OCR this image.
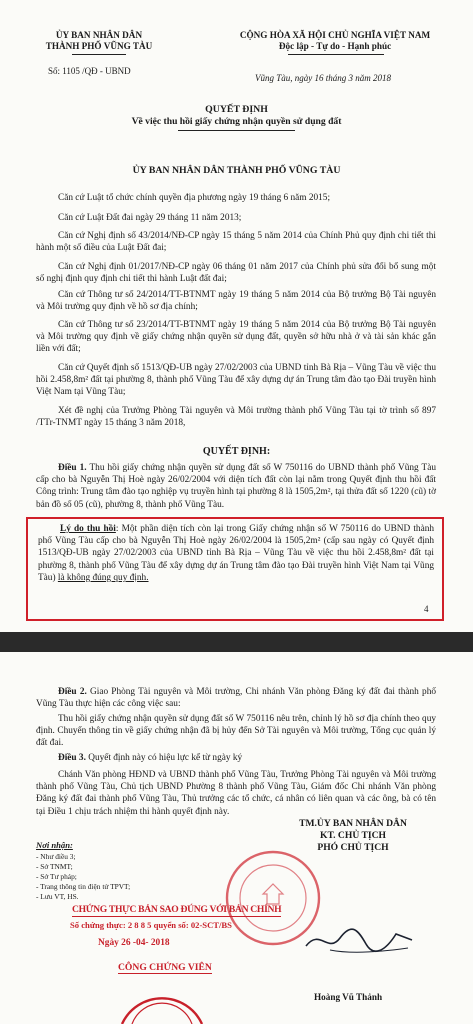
ỦY BAN NHÂN DÂN
THÀNH PHỐ VŨNG TÀU
Số: 1105 /QĐ - UBND
CỘNG HÒA XÃ HỘI CHỦ NGHĨA VIỆT NAM
Độc lập - Tự do - Hạnh phúc
Vũng Tàu, ngày 16 tháng 3 năm 2018
QUYẾT ĐỊNH
Về việc thu hồi giấy chứng nhận quyền sử dụng đất
ỦY BAN NHÂN DÂN THÀNH PHỐ VŨNG TÀU

Căn cứ Luật tổ chức chính quyền địa phương ngày 19 tháng 6 năm 2015;

Căn cứ Luật Đất đai ngày 29 tháng 11 năm 2013;

Căn cứ Nghị định số 43/2014/NĐ-CP ngày 15 tháng 5 năm 2014 của Chính Phủ quy định chi tiết thi hành một số điều của Luật Đất đai;

Căn cứ Nghị định 01/2017/NĐ-CP ngày 06 tháng 01 năm 2017 của Chính phủ sửa đổi bổ sung một số nghị định quy định chi tiết thi hành Luật đất đai;

Căn cứ Thông tư số 24/2014/TT-BTNMT ngày 19 tháng 5 năm 2014 của Bộ trưởng Bộ Tài nguyên và Môi trường quy định về hồ sơ địa chính;

Căn cứ Thông tư số 23/2014/TT-BTNMT ngày 19 tháng 5 năm 2014 của Bộ trưởng Bộ Tài nguyên và Môi trường quy định về giấy chứng nhận quyền sử dụng đất, quyền sở hữu nhà ở và tài sản khác gắn liền với đất;

Căn cứ Quyết định số 1513/QĐ-UB ngày 27/02/2003 của UBND tỉnh Bà Rịa – Vũng Tàu về việc thu hồi 2.458,8m² đất tại phường 8, thành phố Vũng Tàu để xây dựng dự án Trung tâm đào tạo Đài truyền hình Việt Nam tại Vũng Tàu;

Xét đề nghị của Trưởng Phòng Tài nguyên và Môi trường thành phố Vũng Tàu tại tờ trình số 897 /TTr-TNMT ngày 15 tháng 3 năm 2018,

QUYẾT ĐỊNH:

Điều 1. Thu hồi giấy chứng nhận quyền sử dụng đất số W 750116 do UBND thành phố Vũng Tàu cấp cho bà Nguyễn Thị Hoè ngày 26/02/2004 với diện tích đất còn lại nằm trong Quyết định thu hồi đất Công trình: Trung tâm đào tạo nghiệp vụ truyền hình tại phường 8 là 1505,2m², tại thửa đất số 1220 (cũ) tờ bản đồ số 05 (cũ), phường 8, thành phố Vũng Tàu.

Lý do thu hồi: Một phần diện tích còn lại trong Giấy chứng nhận số W 750116 do UBND thành phố Vũng Tàu cấp cho bà Nguyễn Thị Hoè ngày 26/02/2004 là 1505,2m² (cấp sau ngày có Quyết định 1513/QĐ-UB ngày 27/02/2003 của UBND tỉnh Bà Rịa – Vũng Tàu về việc thu hồi 2.458,8m² đất tại phường 8, thành phố Vũng Tàu để xây dựng dự án Trung tâm đào tạo Đài truyền hình Việt Nam tại Vũng Tàu) là không đúng quy định.

4

Điều 2. Giao Phòng Tài nguyên và Môi trường, Chi nhánh Văn phòng Đăng ký đất đai thành phố Vũng Tàu thực hiện các công việc sau:

Thu hồi giấy chứng nhận quyền sử dụng đất số W 750116 nêu trên, chỉnh lý hồ sơ địa chính theo quy định. Chuyển thông tin về giấy chứng nhận đã bị hủy đến Sở Tài nguyên và Môi trường, Tổng cục quản lý đất đai.

Điều 3. Quyết định này có hiệu lực kể từ ngày ký

Chánh Văn phòng HĐND và UBND thành phố Vũng Tàu, Trưởng Phòng Tài nguyên và Môi trường thành phố Vũng Tàu, Chủ tịch UBND Phường 8 thành phố Vũng Tàu, Giám đốc Chi nhánh Văn phòng Đăng ký đất đai thành phố Vũng Tàu, Thủ trưởng các tổ chức, cá nhân có liên quan và các ông, bà có tên tại Điều 1 chịu trách nhiệm thi hành quyết định này.

Nơi nhận:
- Như điều 3;
- Sở TNMT;
- Sở Tư pháp;
- Trang thông tin điện tử TPVT;
- Lưu VT, HS.
TM.ỦY BAN NHÂN DÂN
KT. CHỦ TỊCH
PHÓ CHỦ TỊCH
Hoàng Vũ Thảnh
CHỨNG THỰC BẢN SAO ĐÚNG VỚI BẢN CHÍNH
Số chứng thực: 2 8 8 5 quyển số: 02-SCT/BS
Ngày 26 -04- 2018
CÔNG CHỨNG VIÊN
